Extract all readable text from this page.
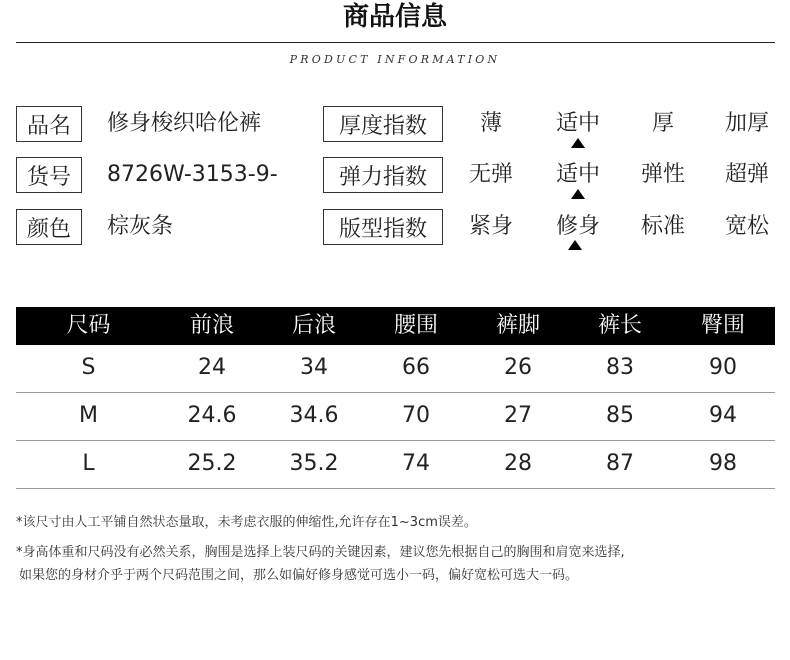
商品信息
PRODUCT INFORMATION
品名	修身梭织哈伦裤
货号	8726W-3153-9-
颜色	棕灰条
厚度指数	薄	适中	厚	加厚
弹力指数	无弹	适中	弹性	超弹
版型指数	紧身	修身	标准	宽松
尺码	前浪	后浪	腰围	裤脚	裤长	臀围
S	24	34	66	26	83	90
M	24.6	34.6	70	27	85	94
L	25.2	35.2	74	28	87	98
*该尺寸由人工平铺自然状态量取，未考虑衣服的伸缩性,允许存在1~3cm误差。
*身高体重和尺码没有必然关系，胸围是选择上装尺码的关键因素，建议您先根据自己的胸围和肩宽来选择,
如果您的身材介乎于两个尺码范围之间，那么如偏好修身感觉可选小一码，偏好宽松可选大一码。
